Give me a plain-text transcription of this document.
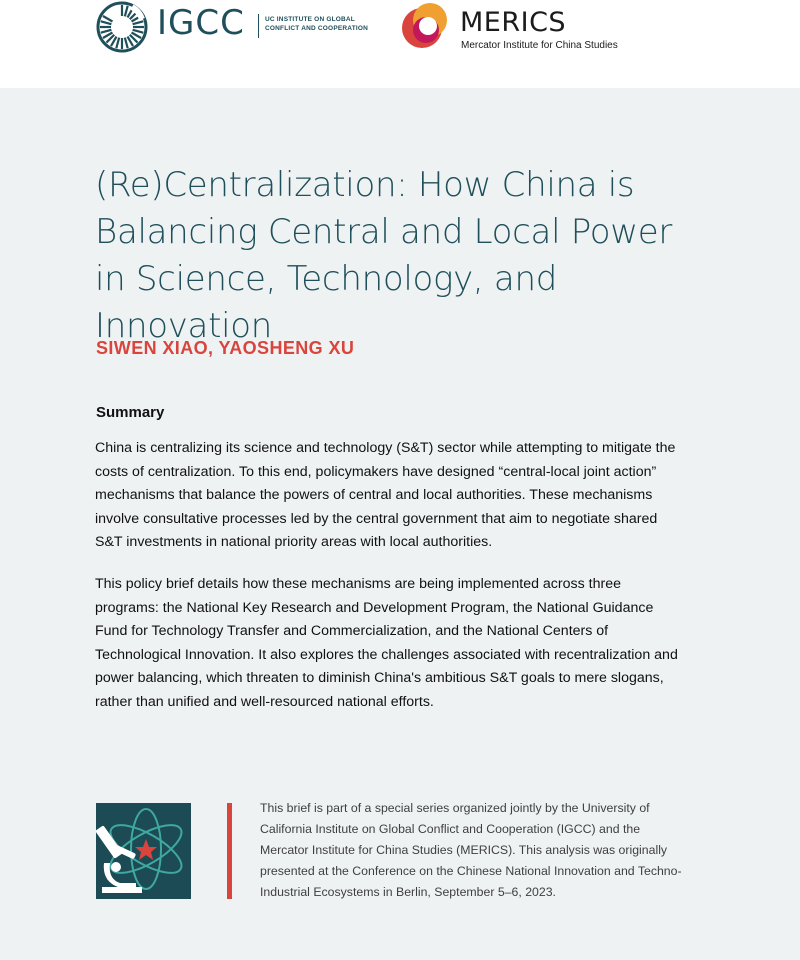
IGCC	UC INSTITUTE ON GLOBAL
CONFLICT AND COOPERATION	MERICS
Mercator Institute for China Studies
(Re)Centralization: How China is Balancing Central and Local Power in Science, Technology, and Innovation

SIWEN XIAO, YAOSHENG XU

Summary

China is centralizing its science and technology (S&T) sector while attempting to mitigate the costs of centralization. To this end, policymakers have designed “central-local joint action” mechanisms that balance the powers of central and local authorities. These mechanisms involve consultative processes led by the central government that aim to negotiate shared S&T investments in national priority areas with local authorities.

This policy brief details how these mechanisms are being implemented across three programs: the National Key Research and Development Program, the National Guidance Fund for Technology Transfer and Commercialization, and the National Centers of Technological Innovation. It also explores the challenges associated with recentralization and power balancing, which threaten to diminish China's ambitious S&T goals to mere slogans, rather than unified and well-resourced national efforts.

This brief is part of a special series organized jointly by the University of California Institute on Global Conflict and Cooperation (IGCC) and the Mercator Institute for China Studies (MERICS). This analysis was originally presented at the Conference on the Chinese National Innovation and Techno-Industrial Ecosystems in Berlin, September 5–6, 2023.
